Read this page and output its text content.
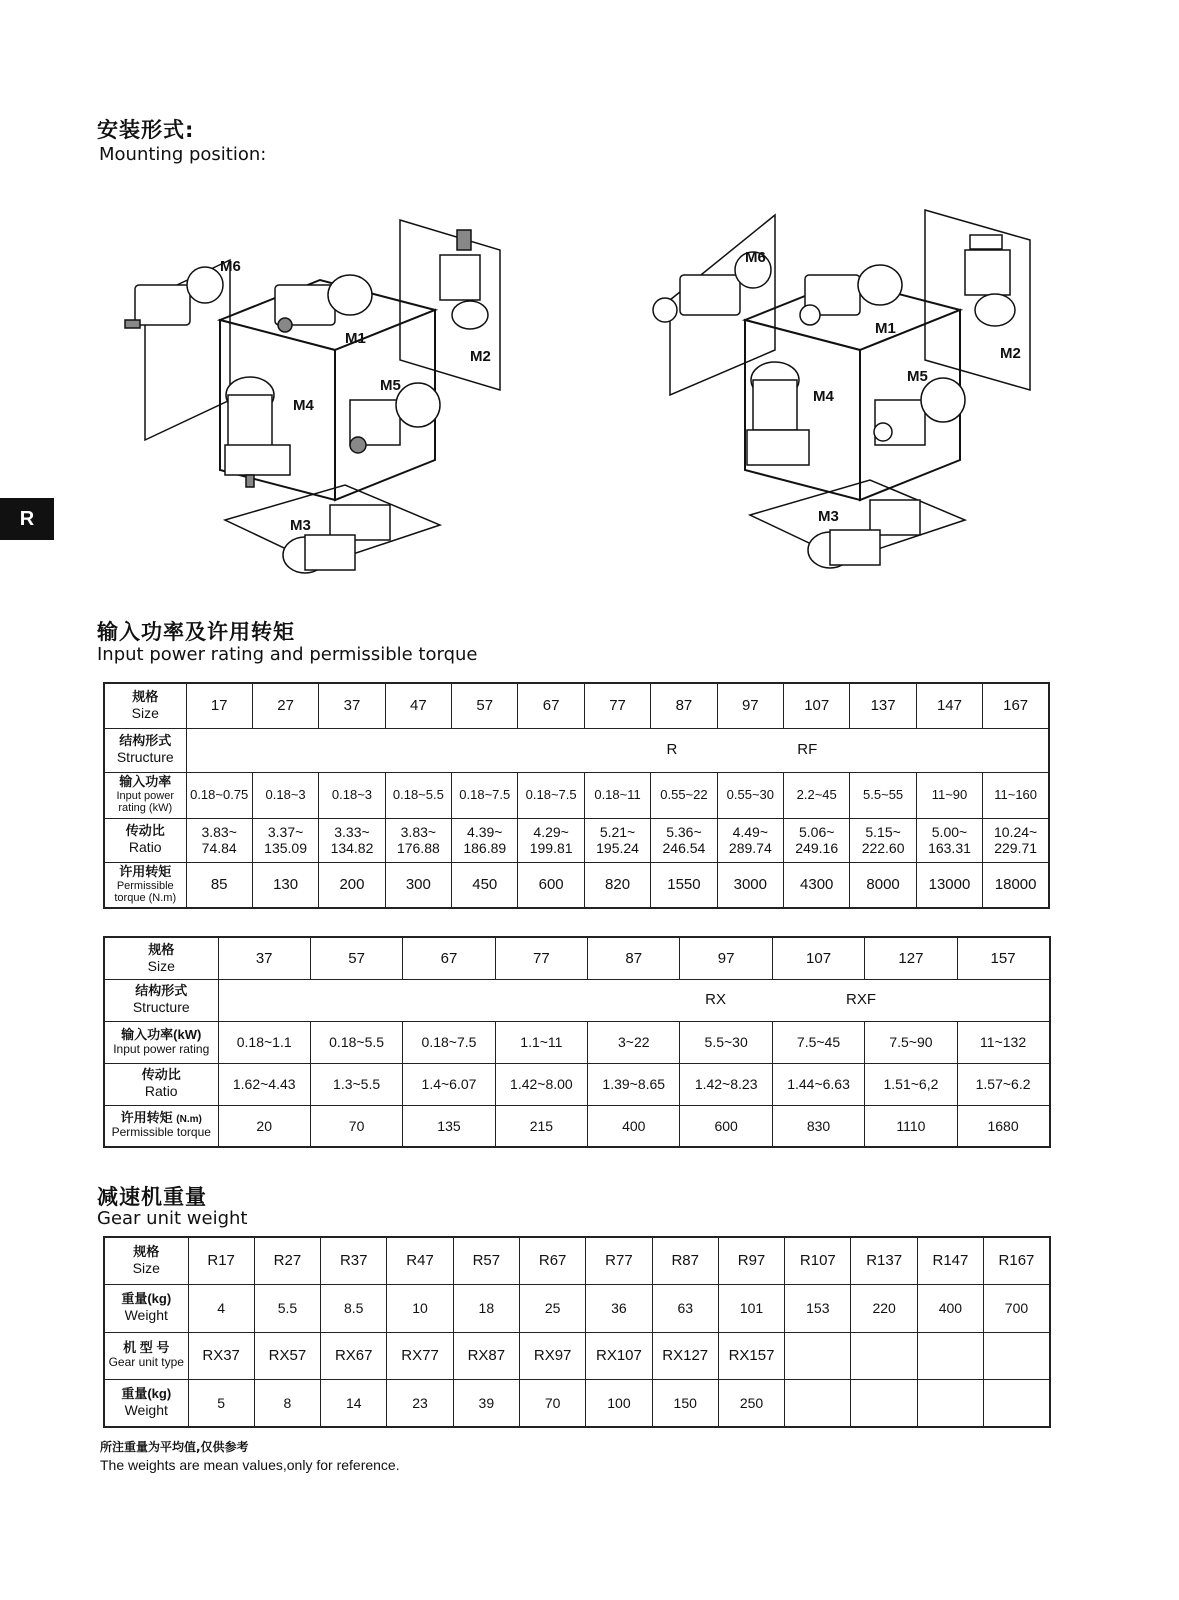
安装形式:
Mounting position:
R
M6
M1
M2
M4
M5
M3
M6
M1
M2
M4
M5
M3
输入功率及许用转矩
Input power rating and permissible torque
规格
Size	17	27	37	47	57	67	77	87	97	107	137	147	167

结构形式
Structure	R RF												

输入功率
Input power
rating (kW)	0.18~0.75	0.18~3	0.18~3	0.18~5.5	0.18~7.5	0.18~7.5	0.18~11	0.55~22	0.55~30	2.2~45	5.5~55	11~90	11~160

传动比
Ratio	3.83~
74.84	3.37~
135.09	3.33~
134.82	3.83~
176.88	4.39~
186.89	4.29~
199.81	5.21~
195.24	5.36~
246.54	4.49~
289.74	5.06~
249.16	5.15~
222.60	5.00~
163.31	10.24~
229.71

许用转矩
Permissible
torque (N.m)	85	130	200	300	450	600	820	1550	3000	4300	8000	13000	18000
规格
Size	37	57	67	77	87	97	107	127	157

结构形式
Structure	RX RXF								

输入功率(kW)
Input power rating	0.18~1.1	0.18~5.5	0.18~7.5	1.1~11	3~22	5.5~30	7.5~45	7.5~90	11~132

传动比
Ratio	1.62~4.43	1.3~5.5	1.4~6.07	1.42~8.00	1.39~8.65	1.42~8.23	1.44~6.63	1.51~6,2	1.57~6.2

许用转矩 (N.m)
Permissible torque	20	70	135	215	400	600	830	1110	1680
减速机重量
Gear unit weight
规格
Size	R17	R27	R37	R47	R57	R67	R77	R87	R97	R107	R137	R147	R167

重量(kg)
Weight	4	5.5	8.5	10	18	25	36	63	101	153	220	400	700

机 型 号
Gear unit type	RX37	RX57	RX67	RX77	RX87	RX97	RX107	RX127	RX157				

重量(kg)
Weight	5	8	14	23	39	70	100	150	250				
所注重量为平均值,仅供参考
The weights are mean values,only for reference.
